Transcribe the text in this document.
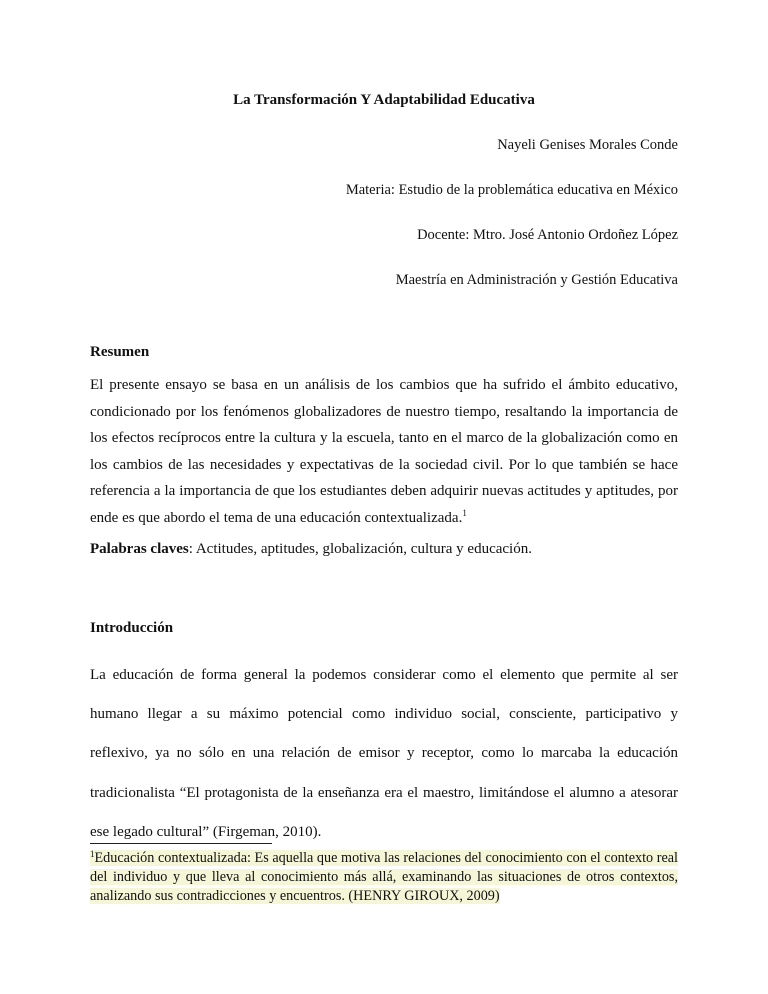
La Transformación Y Adaptabilidad Educativa
Nayeli Genises Morales Conde
Materia: Estudio de la problemática educativa en México
Docente: Mtro. José Antonio Ordoñez López
Maestría en Administración y Gestión Educativa
Resumen
El presente ensayo se basa en un análisis de los cambios que ha sufrido el ámbito educativo, condicionado por los fenómenos globalizadores de nuestro tiempo, resaltando la importancia de los efectos recíprocos entre la cultura y la escuela, tanto en el marco de la globalización como en los cambios de las necesidades y expectativas de la sociedad civil. Por lo que también se hace referencia a la importancia de que los estudiantes deben adquirir nuevas actitudes y aptitudes, por ende es que abordo el tema de una educación contextualizada.$^1$
Palabras claves: Actitudes, aptitudes, globalización, cultura y educación.
Introducción
La educación de forma general la podemos considerar como el elemento que permite al ser humano llegar a su máximo potencial como individuo social, consciente, participativo y reflexivo, ya no sólo en una relación de emisor y receptor, como lo marcaba la educación tradicionalista “El protagonista de la enseñanza era el maestro, limitándose el alumno a atesorar ese legado cultural” (Firgeman, 2010).
$^1$Educación contextualizada: Es aquella que motiva las relaciones del conocimiento con el contexto real del individuo y que lleva al conocimiento más allá, examinando las situaciones de otros contextos, analizando sus contradicciones y encuentros. (HENRY GIROUX, 2009)
